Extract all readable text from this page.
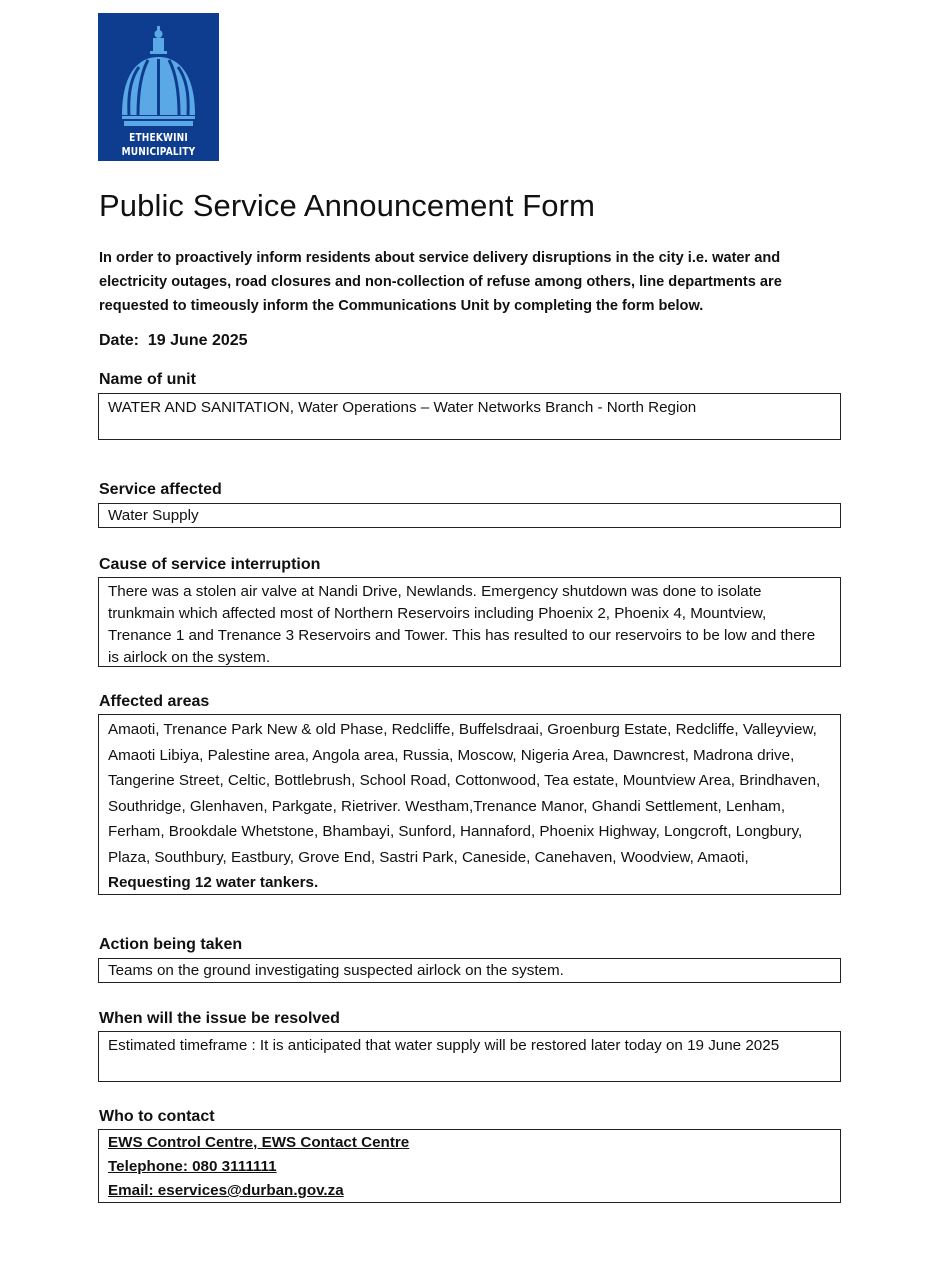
ETHEKWINI
MUNICIPALITY
Public Service Announcement Form

In order to proactively inform residents about service delivery disruptions in the city i.e. water and electricity outages, road closures and non-collection of refuse among others, line departments are requested to timeously inform the Communications Unit by completing the form below.

Date: 19 June 2025
Name of unit
WATER AND SANITATION, Water Operations – Water Networks Branch - North Region
Service affected
Water Supply
Cause of service interruption
There was a stolen air valve at Nandi Drive, Newlands. Emergency shutdown was done to isolate trunkmain which affected most of Northern Reservoirs including Phoenix 2, Phoenix 4, Mountview, Trenance 1 and Trenance 3 Reservoirs and Tower. This has resulted to our reservoirs to be low and there is airlock on the system.
Affected areas
Amaoti, Trenance Park New & old Phase, Redcliffe, Buffelsdraai, Groenburg Estate, Redcliffe, Valleyview, Amaoti Libiya, Palestine area, Angola area, Russia, Moscow, Nigeria Area, Dawncrest, Madrona drive, Tangerine Street, Celtic, Bottlebrush, School Road, Cottonwood, Tea estate, Mountview Area, Brindhaven, Southridge, Glenhaven, Parkgate, Rietriver. Westham,Trenance Manor, Ghandi Settlement, Lenham, Ferham, Brookdale Whetstone, Bhambayi, Sunford, Hannaford, Phoenix Highway, Longcroft, Longbury, Plaza, Southbury, Eastbury, Grove End, Sastri Park, Caneside, Canehaven, Woodview, Amaoti, Requesting 12 water tankers.
Action being taken
Teams on the ground investigating suspected airlock on the system.
When will the issue be resolved
Estimated timeframe : It is anticipated that water supply will be restored later today on 19 June 2025
Who to contact
EWS Control Centre, EWS Contact Centre
Telephone: 080 3111111
Email: eservices@durban.gov.za
